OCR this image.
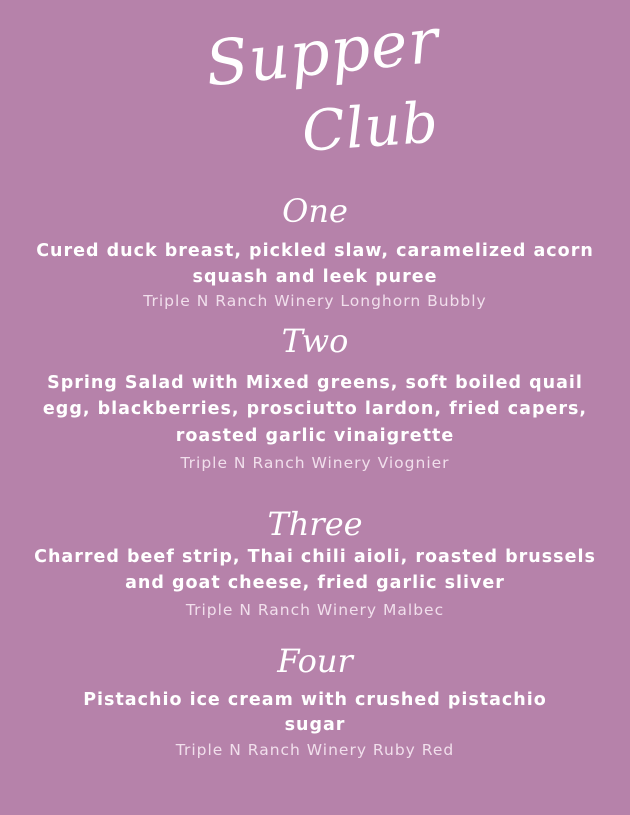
Supper
Club
One
Cured duck breast, pickled slaw, caramelized acorn
squash and leek puree
Triple N Ranch Winery Longhorn Bubbly
Two
Spring Salad with Mixed greens, soft boiled quail
egg, blackberries, prosciutto lardon, fried capers,
roasted garlic vinaigrette
Triple N Ranch Winery Viognier
Three
Charred beef strip, Thai chili aioli, roasted brussels
and goat cheese, fried garlic sliver
Triple N Ranch Winery Malbec
Four
Pistachio ice cream with crushed pistachio
sugar
Triple N Ranch Winery Ruby Red
